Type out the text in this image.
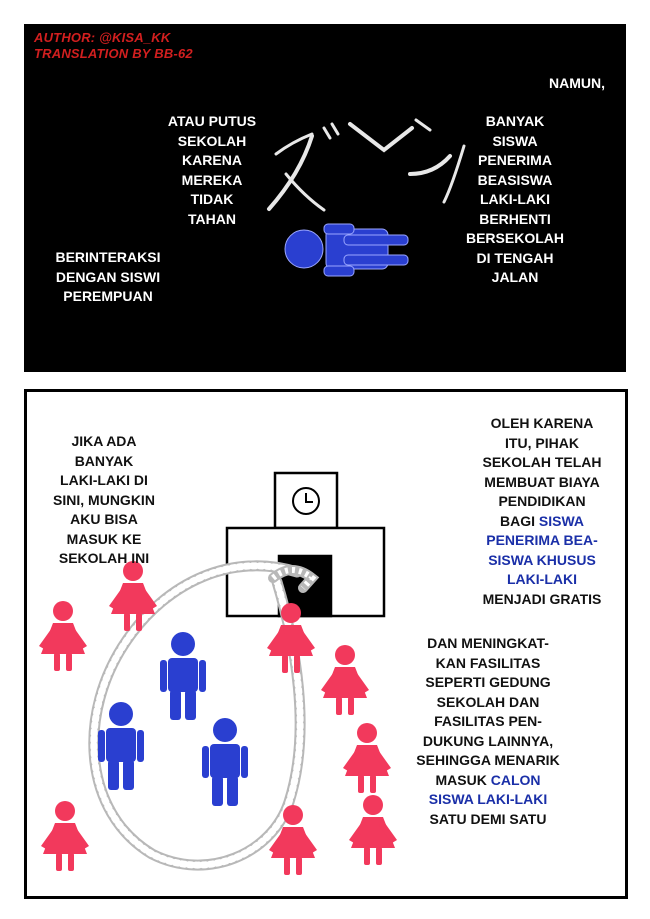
AUTHOR: @KISA_KK
TRANSLATION BY BB-62
NAMUN,
ATAU PUTUS
SEKOLAH
KARENA
MEREKA
TIDAK
TAHAN
BANYAK
SISWA
PENERIMA
BEASISWA
LAKI-LAKI
BERHENTI
BERSEKOLAH
DI TENGAH
JALAN
BERINTERAKSI
DENGAN SISWI
PEREMPUAN
JIKA ADA
BANYAK
LAKI-LAKI DI
SINI, MUNGKIN
AKU BISA
MASUK KE
SEKOLAH INI
OLEH KARENA
ITU, PIHAK
SEKOLAH TELAH
MEMBUAT BIAYA
PENDIDIKAN
BAGI SISWA
PENERIMA BEA-
SISWA KHUSUS
LAKI-LAKI
MENJADI GRATIS
DAN MENINGKAT-
KAN FASILITAS
SEPERTI GEDUNG
SEKOLAH DAN
FASILITAS PEN-
DUKUNG LAINNYA,
SEHINGGA MENARIK
MASUK CALON
SISWA LAKI-LAKI
SATU DEMI SATU
